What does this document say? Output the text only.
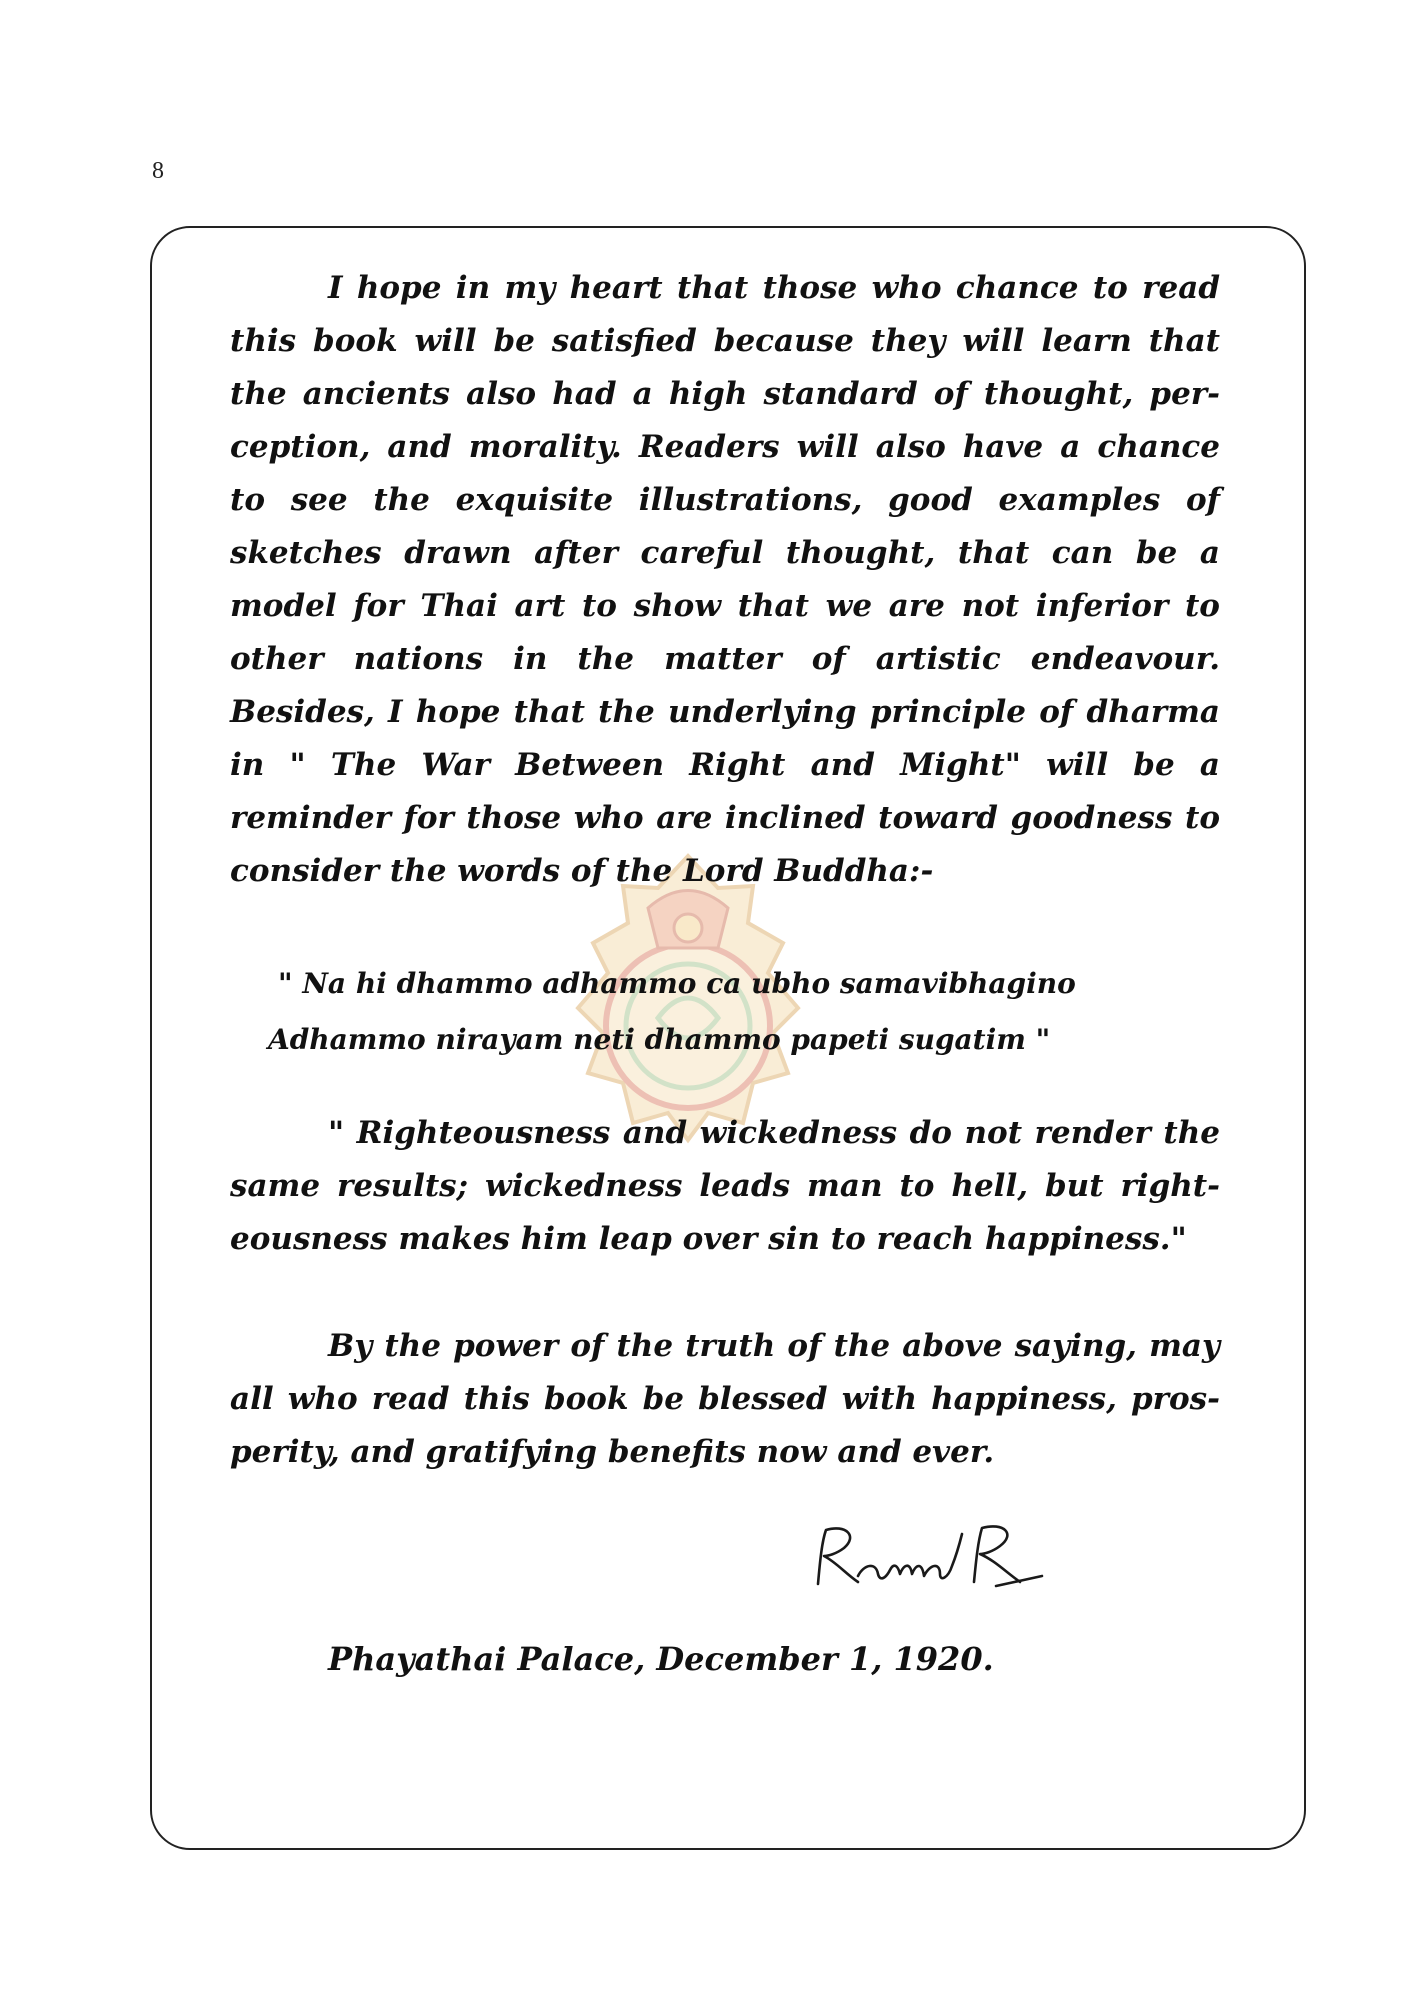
8
I hope in my heart that those who chance to read
this book will be satisfied because they will learn that
the ancients also had a high standard of thought, per-
ception, and morality. Readers will also have a chance
to see the exquisite illustrations, good examples of
sketches drawn after careful thought, that can be a
model for Thai art to show that we are not inferior to
other nations in the matter of artistic endeavour.
Besides, I hope that the underlying principle of dharma
in " The War Between Right and Might" will be a
reminder for those who are inclined toward goodness to
consider the words of the Lord Buddha:-
" Na hi dhammo adhammo ca ubho samavibhagino
Adhammo nirayam neti dhammo papeti sugatim "
" Righteousness and wickedness do not render the
same results; wickedness leads man to hell, but right-
eousness makes him leap over sin to reach happiness."
By the power of the truth of the above saying, may
all who read this book be blessed with happiness, pros-
perity, and gratifying benefits now and ever.
Phayathai Palace, December 1, 1920.
